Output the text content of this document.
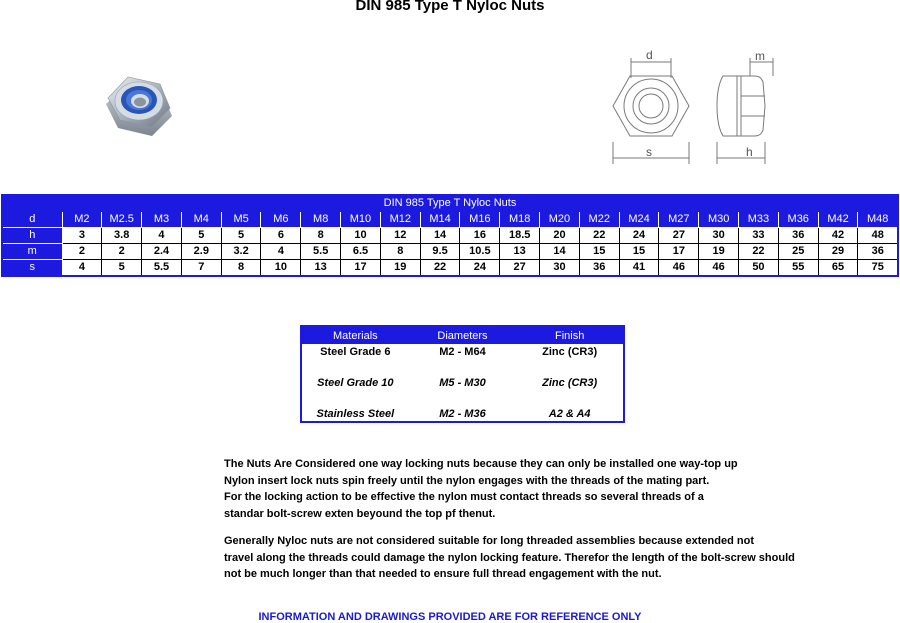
DIN 985 Type T Nyloc Nuts
d
s
m
h
DIN 985 Type T Nyloc Nuts																					
d	M2	M2.5	M3	M4	M5	M6	M8	M10	M12	M14	M16	M18	M20	M22	M24	M27	M30	M33	M36	M42	M48
h	3	3.8	4	5	5	6	8	10	12	14	16	18.5	20	22	24	27	30	33	36	42	48
m	2	2	2.4	2.9	3.2	4	5.5	6.5	8	9.5	10.5	13	14	15	15	17	19	22	25	29	36
s	4	5	5.5	7	8	10	13	17	19	22	24	27	30	36	41	46	46	50	55	65	75
Materials	Diameters	Finish
Steel Grade 6	M2 - M64	Zinc (CR3)

Steel Grade 10	M5 - M30	Zinc (CR3)

Stainless Steel	M2 - M36	A2 & A4
The Nuts Are Considered one way locking nuts because they can only be installed one way-top up
Nylon insert lock nuts spin freely until the nylon engages with the threads of the mating part.
For the locking action to be effective the nylon must contact threads so several threads of a
standar bolt-screw exten beyound the top pf thenut.
Generally Nyloc nuts are not considered suitable for long threaded assemblies because extended not
travel along the threads could damage the nylon locking feature. Therefor the length of the bolt-screw should
not be much longer than that needed to ensure full thread engagement with the nut.
INFORMATION AND DRAWINGS PROVIDED ARE FOR REFERENCE ONLY
